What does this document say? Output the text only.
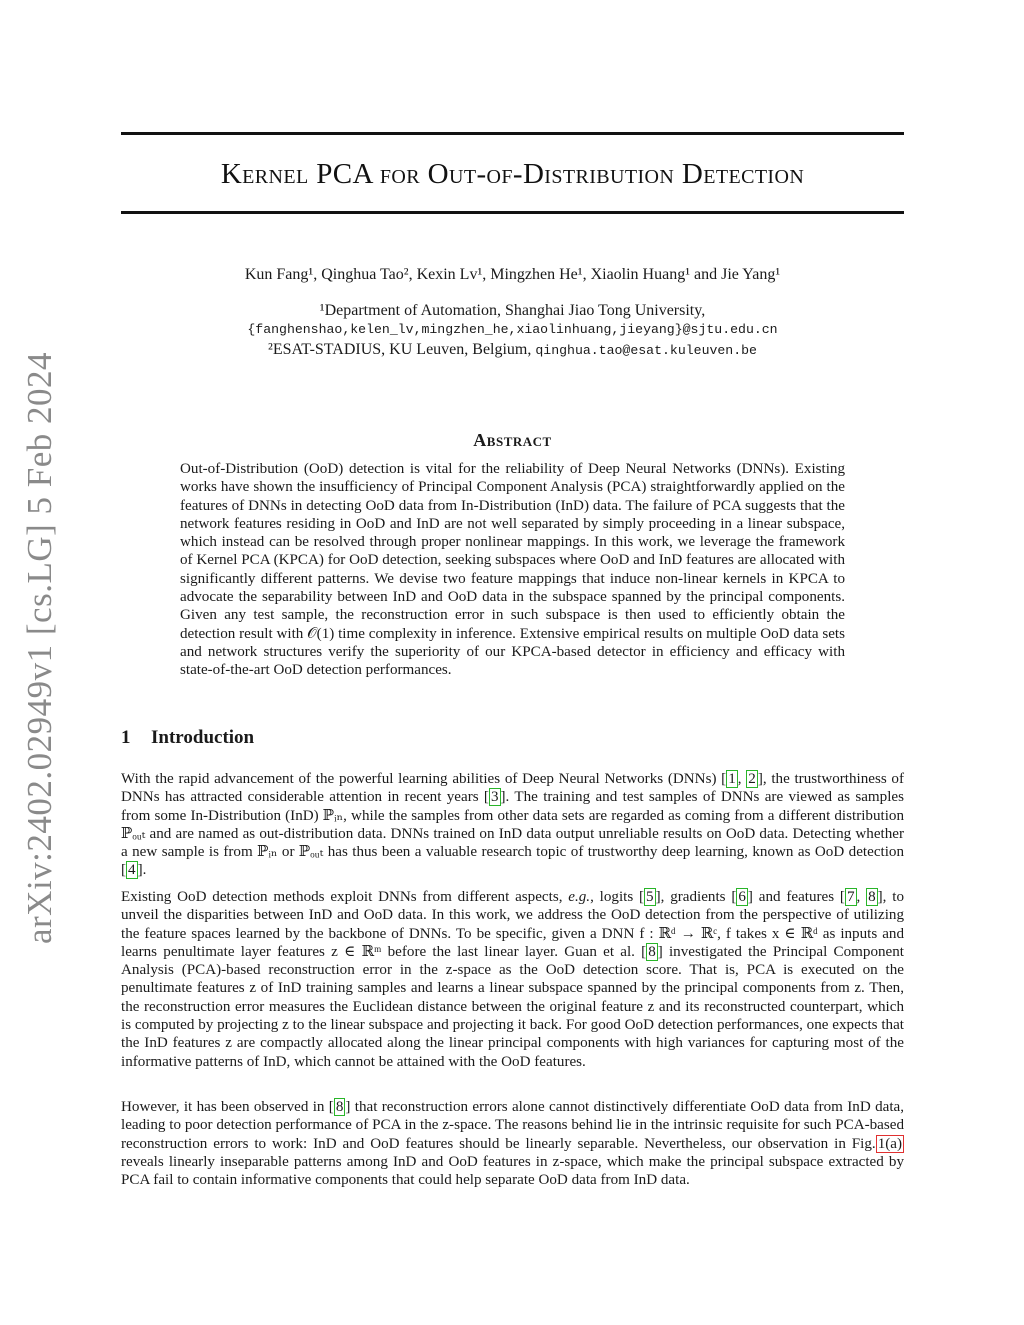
arXiv:2402.02949v1 [cs.LG] 5 Feb 2024
Kernel PCA for Out-of-Distribution Detection
Kun Fang¹, Qinghua Tao², Kexin Lv¹, Mingzhen He¹, Xiaolin Huang¹ and Jie Yang¹
¹Department of Automation, Shanghai Jiao Tong University,
{fanghenshao,kelen_lv,mingzhen_he,xiaolinhuang,jieyang}@sjtu.edu.cn
²ESAT-STADIUS, KU Leuven, Belgium, qinghua.tao@esat.kuleuven.be
Abstract
Out-of-Distribution (OoD) detection is vital for the reliability of Deep Neural Networks (DNNs). Existing works have shown the insufficiency of Principal Component Analysis (PCA) straightforwardly applied on the features of DNNs in detecting OoD data from In-Distribution (InD) data. The failure of PCA suggests that the network features residing in OoD and InD are not well separated by simply proceeding in a linear subspace, which instead can be resolved through proper nonlinear mappings. In this work, we leverage the framework of Kernel PCA (KPCA) for OoD detection, seeking subspaces where OoD and InD features are allocated with significantly different patterns. We devise two feature mappings that induce non-linear kernels in KPCA to advocate the separability between InD and OoD data in the subspace spanned by the principal components. Given any test sample, the reconstruction error in such subspace is then used to efficiently obtain the detection result with 𝒪(1) time complexity in inference. Extensive empirical results on multiple OoD data sets and network structures verify the superiority of our KPCA-based detector in efficiency and efficacy with state-of-the-art OoD detection performances.
1 Introduction
With the rapid advancement of the powerful learning abilities of Deep Neural Networks (DNNs) [ 1 , 2 ], the trustworthiness of DNNs has attracted considerable attention in recent years [ 3 ]. The training and test samples of DNNs are viewed as samples from some In-Distribution (InD) ℙᵢₙ, while the samples from other data sets are regarded as coming from a different distribution ℙₒᵤₜ and are named as out-distribution data. DNNs trained on InD data output unreliable results on OoD data. Detecting whether a new sample is from ℙᵢₙ or ℙₒᵤₜ has thus been a valuable research topic of trustworthy deep learning, known as OoD detection [ 4 ].
Existing OoD detection methods exploit DNNs from different aspects, e.g., logits [ 5 ], gradients [ 6 ] and features [ 7 , 8 ], to unveil the disparities between InD and OoD data. In this work, we address the OoD detection from the perspective of utilizing the feature spaces learned by the backbone of DNNs. To be specific, given a DNN f : ℝᵈ → ℝᶜ, f takes x ∈ ℝᵈ as inputs and learns penultimate layer features z ∈ ℝᵐ before the last linear layer. Guan et al. [ 8 ] investigated the Principal Component Analysis (PCA)-based reconstruction error in the z-space as the OoD detection score. That is, PCA is executed on the penultimate features z of InD training samples and learns a linear subspace spanned by the principal components from z. Then, the reconstruction error measures the Euclidean distance between the original feature z and its reconstructed counterpart, which is computed by projecting z to the linear subspace and projecting it back. For good OoD detection performances, one expects that the InD features z are compactly allocated along the linear principal components with high variances for capturing most of the informative patterns of InD, which cannot be attained with the OoD features.
However, it has been observed in [ 8 ] that reconstruction errors alone cannot distinctively differentiate OoD data from InD data, leading to poor detection performance of PCA in the z-space. The reasons behind lie in the intrinsic requisite for such PCA-based reconstruction errors to work: InD and OoD features should be linearly separable. Nevertheless, our observation in Fig. 1(a) reveals linearly inseparable patterns among InD and OoD features in z-space, which make the principal subspace extracted by PCA fail to contain informative components that could help separate OoD data from InD data.
